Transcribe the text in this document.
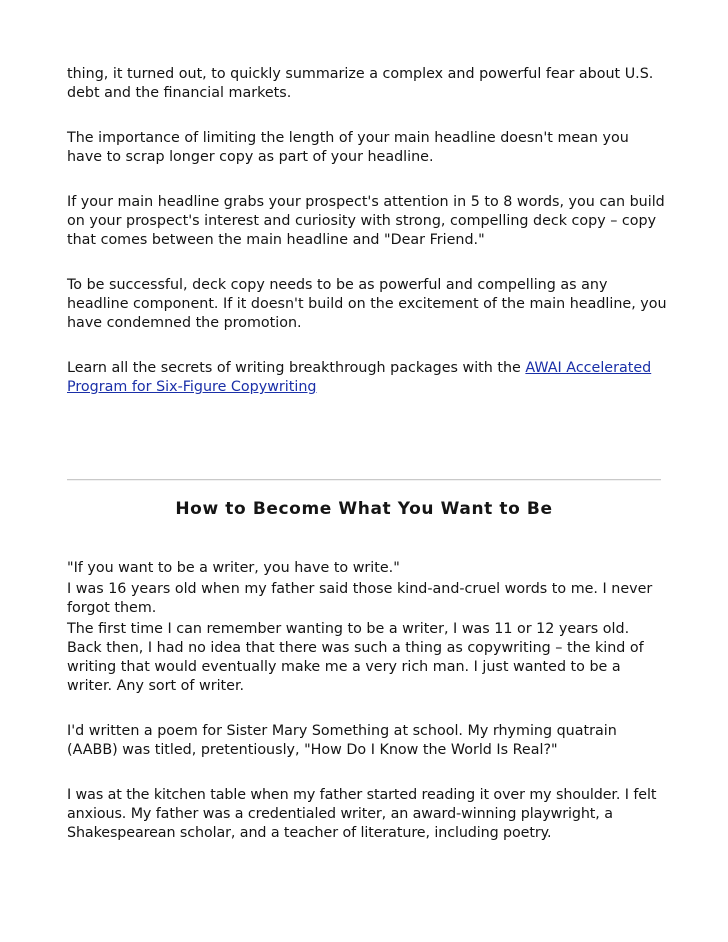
thing, it turned out, to quickly summarize a complex and powerful fear about U.S. debt and the financial markets.

The importance of limiting the length of your main headline doesn't mean you have to scrap longer copy as part of your headline.

If your main headline grabs your prospect's attention in 5 to 8 words, you can build on your prospect's interest and curiosity with strong, compelling deck copy – copy that comes between the main headline and "Dear Friend."

To be successful, deck copy needs to be as powerful and compelling as any headline component. If it doesn't build on the excitement of the main headline, you have condemned the promotion.

Learn all the secrets of writing breakthrough packages with the AWAI Accelerated Program for Six-Figure Copywriting

How to Become What You Want to Be

"If you want to be a writer, you have to write."

I was 16 years old when my father said those kind-and-cruel words to me. I never forgot them.

The first time I can remember wanting to be a writer, I was 11 or 12 years old. Back then, I had no idea that there was such a thing as copywriting – the kind of writing that would eventually make me a very rich man. I just wanted to be a writer. Any sort of writer.

I'd written a poem for Sister Mary Something at school. My rhyming quatrain (AABB) was titled, pretentiously, "How Do I Know the World Is Real?"

I was at the kitchen table when my father started reading it over my shoulder. I felt anxious. My father was a credentialed writer, an award-winning playwright, a Shakespearean scholar, and a teacher of literature, including poetry.
